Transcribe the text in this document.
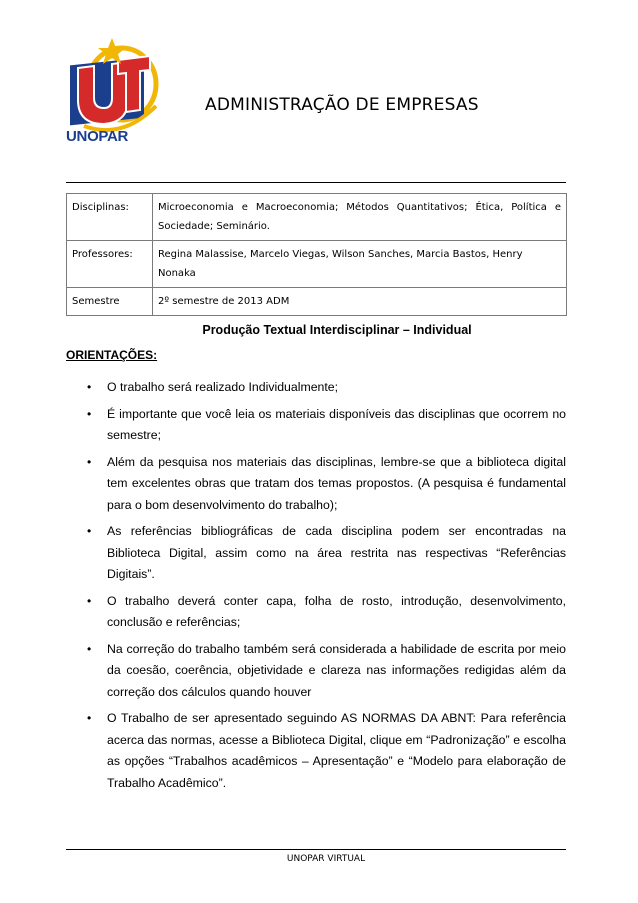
UNOPAR
ADMINISTRAÇÃO DE EMPRESAS
Disciplinas:	Microeconomia e Macroeconomia; Métodos Quantitativos; Ética, Política e Sociedade; Seminário.
Professores:	Regina Malassise, Marcelo Viegas, Wilson Sanches, Marcia Bastos, Henry Nonaka
Semestre	2º semestre de 2013 ADM
Produção Textual Interdisciplinar – Individual
ORIENTAÇÕES:
• O trabalho será realizado Individualmente;
• É importante que você leia os materiais disponíveis das disciplinas que ocorrem no semestre;
• Além da pesquisa nos materiais das disciplinas, lembre-se que a biblioteca digital tem excelentes obras que tratam dos temas propostos. (A pesquisa é fundamental para o bom desenvolvimento do trabalho);
• As referências bibliográficas de cada disciplina podem ser encontradas na Biblioteca Digital, assim como na área restrita nas respectivas “Referências Digitais”.
• O trabalho deverá conter capa, folha de rosto, introdução, desenvolvimento, conclusão e referências;
• Na correção do trabalho também será considerada a habilidade de escrita por meio da coesão, coerência, objetividade e clareza nas informações redigidas além da correção dos cálculos quando houver
• O Trabalho de ser apresentado seguindo AS NORMAS DA ABNT: Para referência acerca das normas, acesse a Biblioteca Digital, clique em “Padronização” e escolha as opções “Trabalhos acadêmicos – Apresentação” e “Modelo para elaboração de Trabalho Acadêmico”.
UNOPAR VIRTUAL
